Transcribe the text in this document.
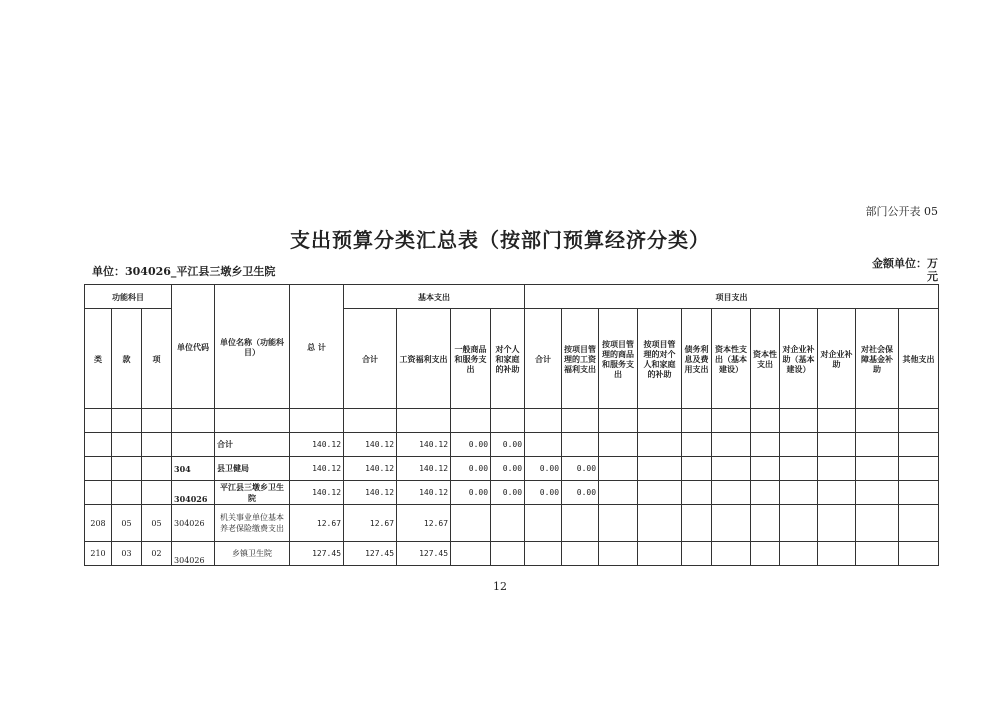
部门公开表 05
支出预算分类汇总表（按部门预算经济分类）
单位：304026_平江县三墩乡卫生院
金额单位：万元
功能科目			单位代码	单位名称（功能科目）	总 计	基本支出				项目支出										
类	款	项				合计	工资福利支出	一般商品和服务支出	对个人和家庭的补助	合计	按项目管理的工资福利支出	按项目管理的商品和服务支出	按项目管理的对个人和家庭的补助	债务利息及费用支出	资本性支出（基本建设）	资本性支出	对企业补助（基本建设）	对企业补助	对社会保障基金补助	其他支出

				合计	140.12	140.12	140.12	0.00	0.00											
			304	县卫健局	140.12	140.12	140.12	0.00	0.00	0.00	0.00									
			304026	平江县三墩乡卫生院	140.12	140.12	140.12	0.00	0.00	0.00	0.00									
208	05	05	304026	机关事业单位基本养老保险缴费支出	12.67	12.67	12.67													
210	03	02	304026	乡镇卫生院	127.45	127.45	127.45													
12
